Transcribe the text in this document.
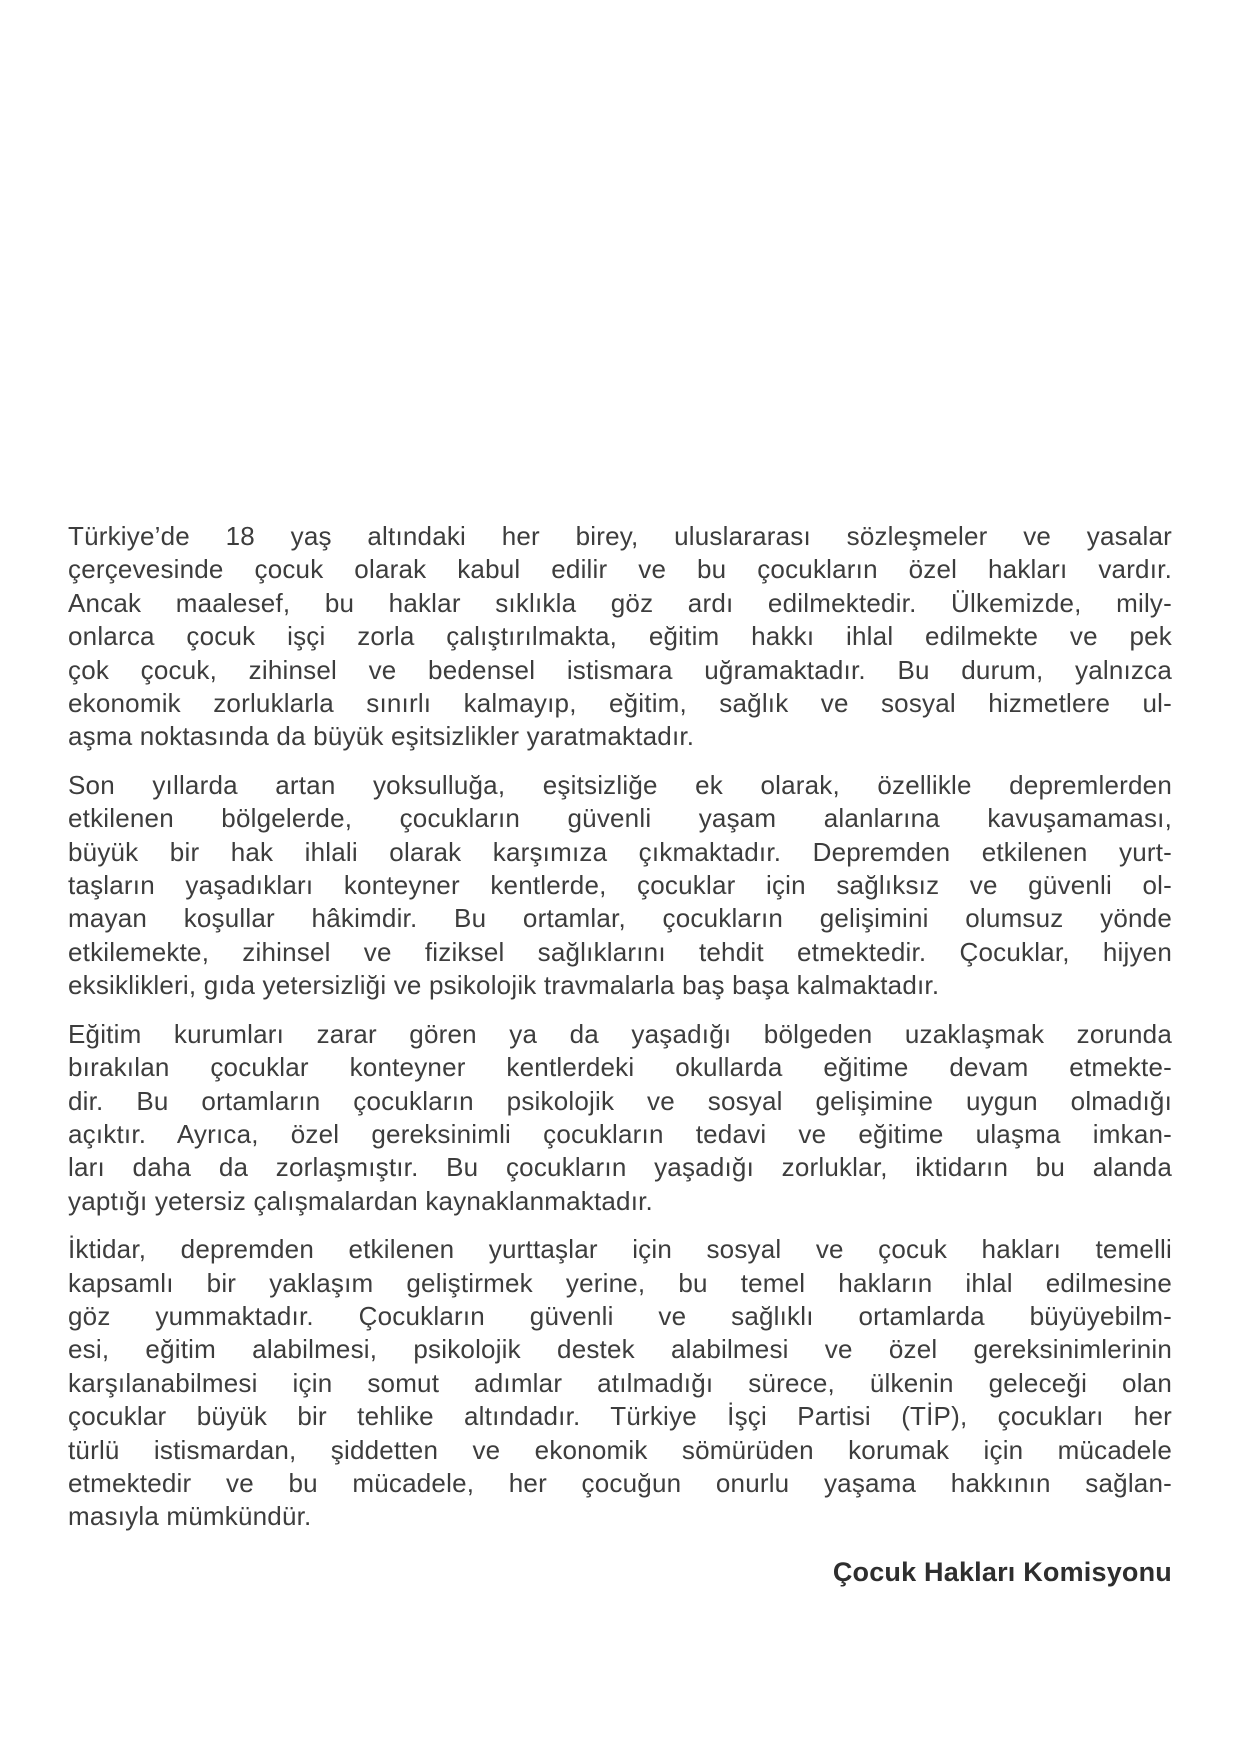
Türkiye’de 18 yaş altındaki her birey, uluslararası sözleşmeler ve yasalar
çerçevesinde çocuk olarak kabul edilir ve bu çocukların özel hakları vardır.
Ancak maalesef, bu haklar sıklıkla göz ardı edilmektedir. Ülkemizde, mily-
onlarca çocuk işçi zorla çalıştırılmakta, eğitim hakkı ihlal edilmekte ve pek
çok çocuk, zihinsel ve bedensel istismara uğramaktadır. Bu durum, yalnızca
ekonomik zorluklarla sınırlı kalmayıp, eğitim, sağlık ve sosyal hizmetlere ul-
aşma noktasında da büyük eşitsizlikler yaratmaktadır.
Son yıllarda artan yoksulluğa, eşitsizliğe ek olarak, özellikle depremlerden
etkilenen bölgelerde, çocukların güvenli yaşam alanlarına kavuşamaması,
büyük bir hak ihlali olarak karşımıza çıkmaktadır. Depremden etkilenen yurt-
taşların yaşadıkları konteyner kentlerde, çocuklar için sağlıksız ve güvenli ol-
mayan koşullar hâkimdir. Bu ortamlar, çocukların gelişimini olumsuz yönde
etkilemekte, zihinsel ve fiziksel sağlıklarını tehdit etmektedir. Çocuklar, hijyen
eksiklikleri, gıda yetersizliği ve psikolojik travmalarla baş başa kalmaktadır.
Eğitim kurumları zarar gören ya da yaşadığı bölgeden uzaklaşmak zorunda
bırakılan çocuklar konteyner kentlerdeki okullarda eğitime devam etmekte-
dir. Bu ortamların çocukların psikolojik ve sosyal gelişimine uygun olmadığı
açıktır. Ayrıca, özel gereksinimli çocukların tedavi ve eğitime ulaşma imkan-
ları daha da zorlaşmıştır. Bu çocukların yaşadığı zorluklar, iktidarın bu alanda
yaptığı yetersiz çalışmalardan kaynaklanmaktadır.
İktidar, depremden etkilenen yurttaşlar için sosyal ve çocuk hakları temelli
kapsamlı bir yaklaşım geliştirmek yerine, bu temel hakların ihlal edilmesine
göz yummaktadır. Çocukların güvenli ve sağlıklı ortamlarda büyüyebilm-
esi, eğitim alabilmesi, psikolojik destek alabilmesi ve özel gereksinimlerinin
karşılanabilmesi için somut adımlar atılmadığı sürece, ülkenin geleceği olan
çocuklar büyük bir tehlike altındadır. Türkiye İşçi Partisi (TİP), çocukları her
türlü istismardan, şiddetten ve ekonomik sömürüden korumak için mücadele
etmektedir ve bu mücadele, her çocuğun onurlu yaşama hakkının sağlan-
masıyla mümkündür.
Çocuk Hakları Komisyonu
